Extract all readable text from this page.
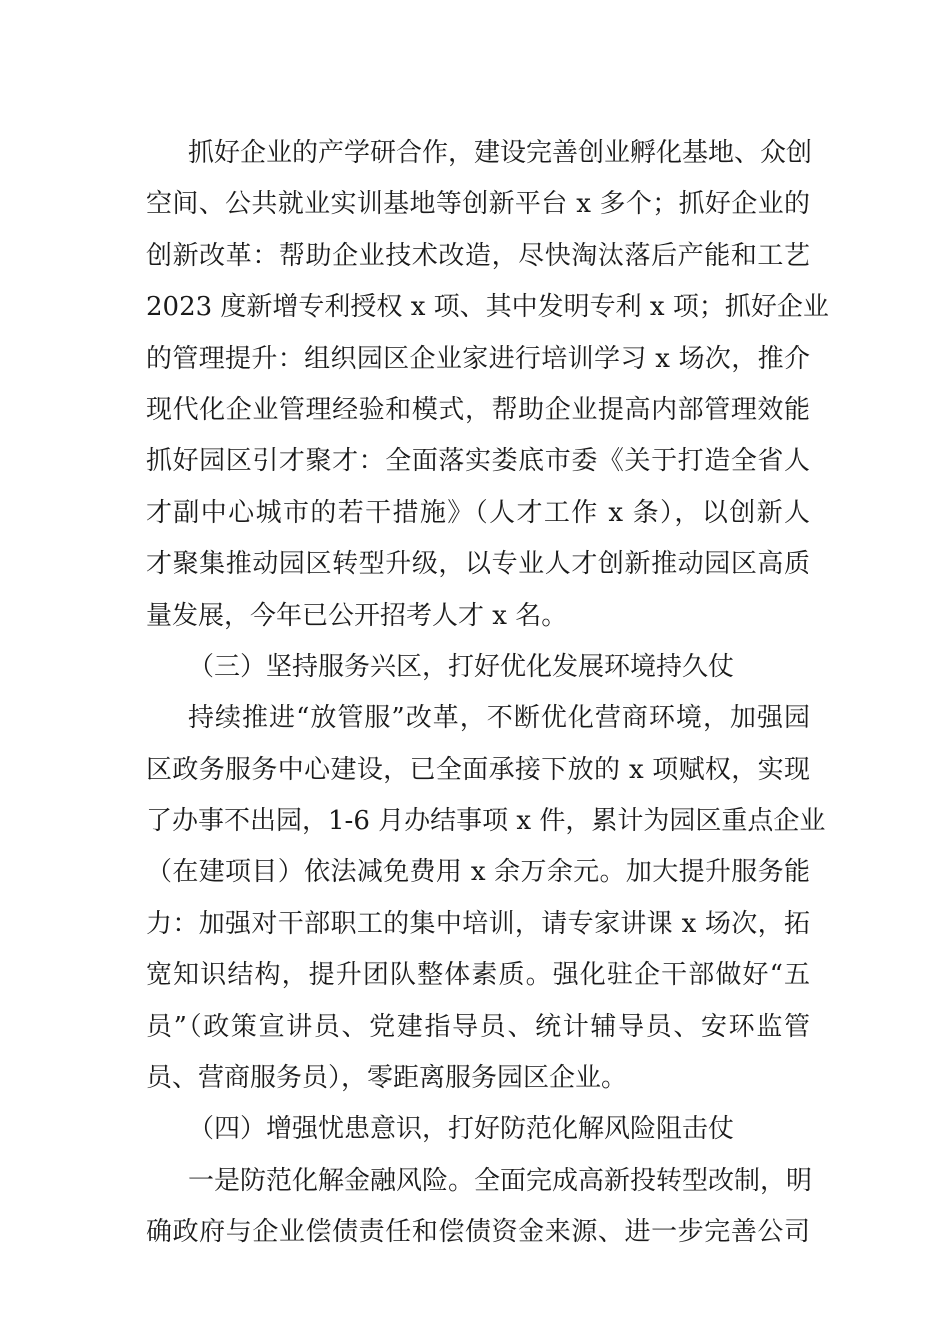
抓好企业的产学研合作，建设完善创业孵化基地、众创
空间、公共就业实训基地等创新平台 x 多个；抓好企业的
创新改革：帮助企业技术改造，尽快淘汰落后产能和工艺
2023 度新增专利授权 x 项、其中发明专利 x 项；抓好企业
的管理提升：组织园区企业家进行培训学习 x 场次，推介
现代化企业管理经验和模式，帮助企业提高内部管理效能
抓好园区引才聚才：全面落实娄底市委《关于打造全省人
才副中心城市的若干措施》（人才工作 x 条），以创新人
才聚集推动园区转型升级，以专业人才创新推动园区高质
量发展，今年已公开招考人才 x 名。
（三）坚持服务兴区，打好优化发展环境持久仗
持续推进“放管服”改革，不断优化营商环境，加强园
区政务服务中心建设，已全面承接下放的 x 项赋权，实现
了办事不出园，1-6 月办结事项 x 件，累计为园区重点企业
（在建项目）依法减免费用 x 余万余元。加大提升服务能
力：加强对干部职工的集中培训，请专家讲课 x 场次，拓
宽知识结构，提升团队整体素质。强化驻企干部做好“五
员”（政策宣讲员、党建指导员、统计辅导员、安环监管
员、营商服务员），零距离服务园区企业。
（四）增强忧患意识，打好防范化解风险阻击仗
一是防范化解金融风险。全面完成高新投转型改制，明
确政府与企业偿债责任和偿债资金来源、进一步完善公司
